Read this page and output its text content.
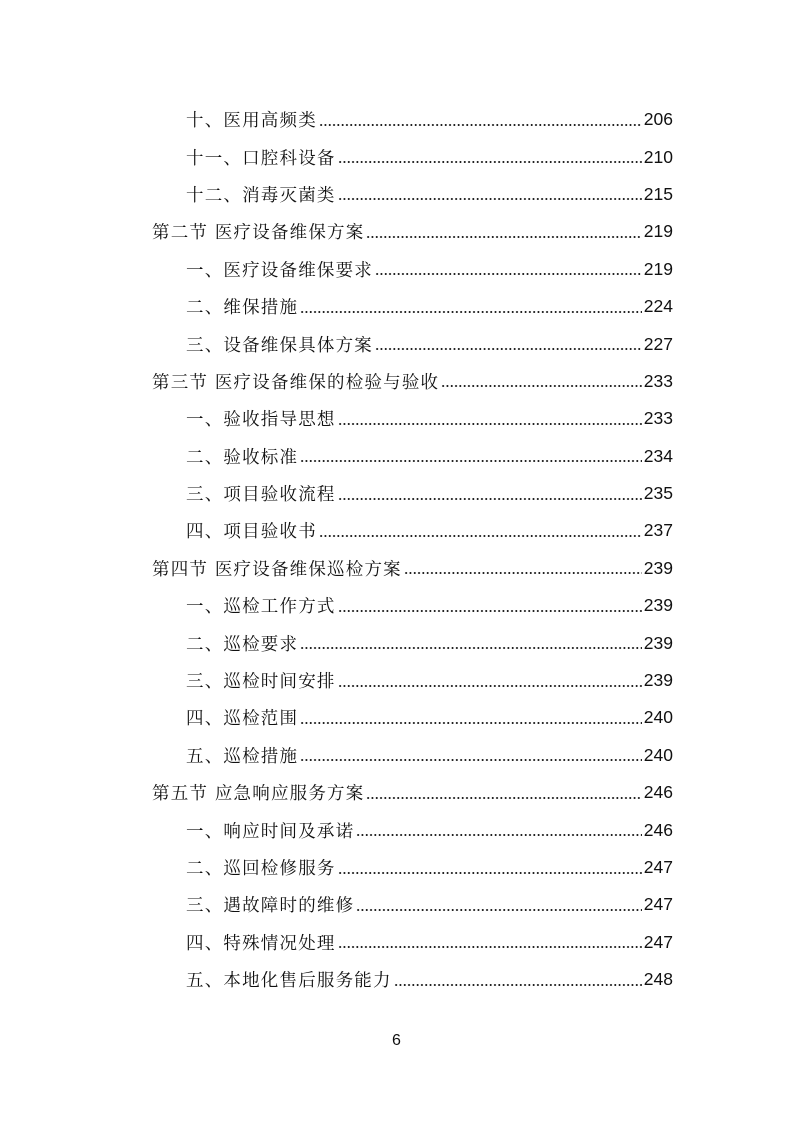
十、医用高频类	206
十一、口腔科设备	210
十二、消毒灭菌类	215
第二节 医疗设备维保方案	219
一、医疗设备维保要求	219
二、维保措施	224
三、设备维保具体方案	227
第三节 医疗设备维保的检验与验收	233
一、验收指导思想	233
二、验收标准	234
三、项目验收流程	235
四、项目验收书	237
第四节 医疗设备维保巡检方案	239
一、巡检工作方式	239
二、巡检要求	239
三、巡检时间安排	239
四、巡检范围	240
五、巡检措施	240
第五节 应急响应服务方案	246
一、响应时间及承诺	246
二、巡回检修服务	247
三、遇故障时的维修	247
四、特殊情况处理	247
五、本地化售后服务能力	248
6
